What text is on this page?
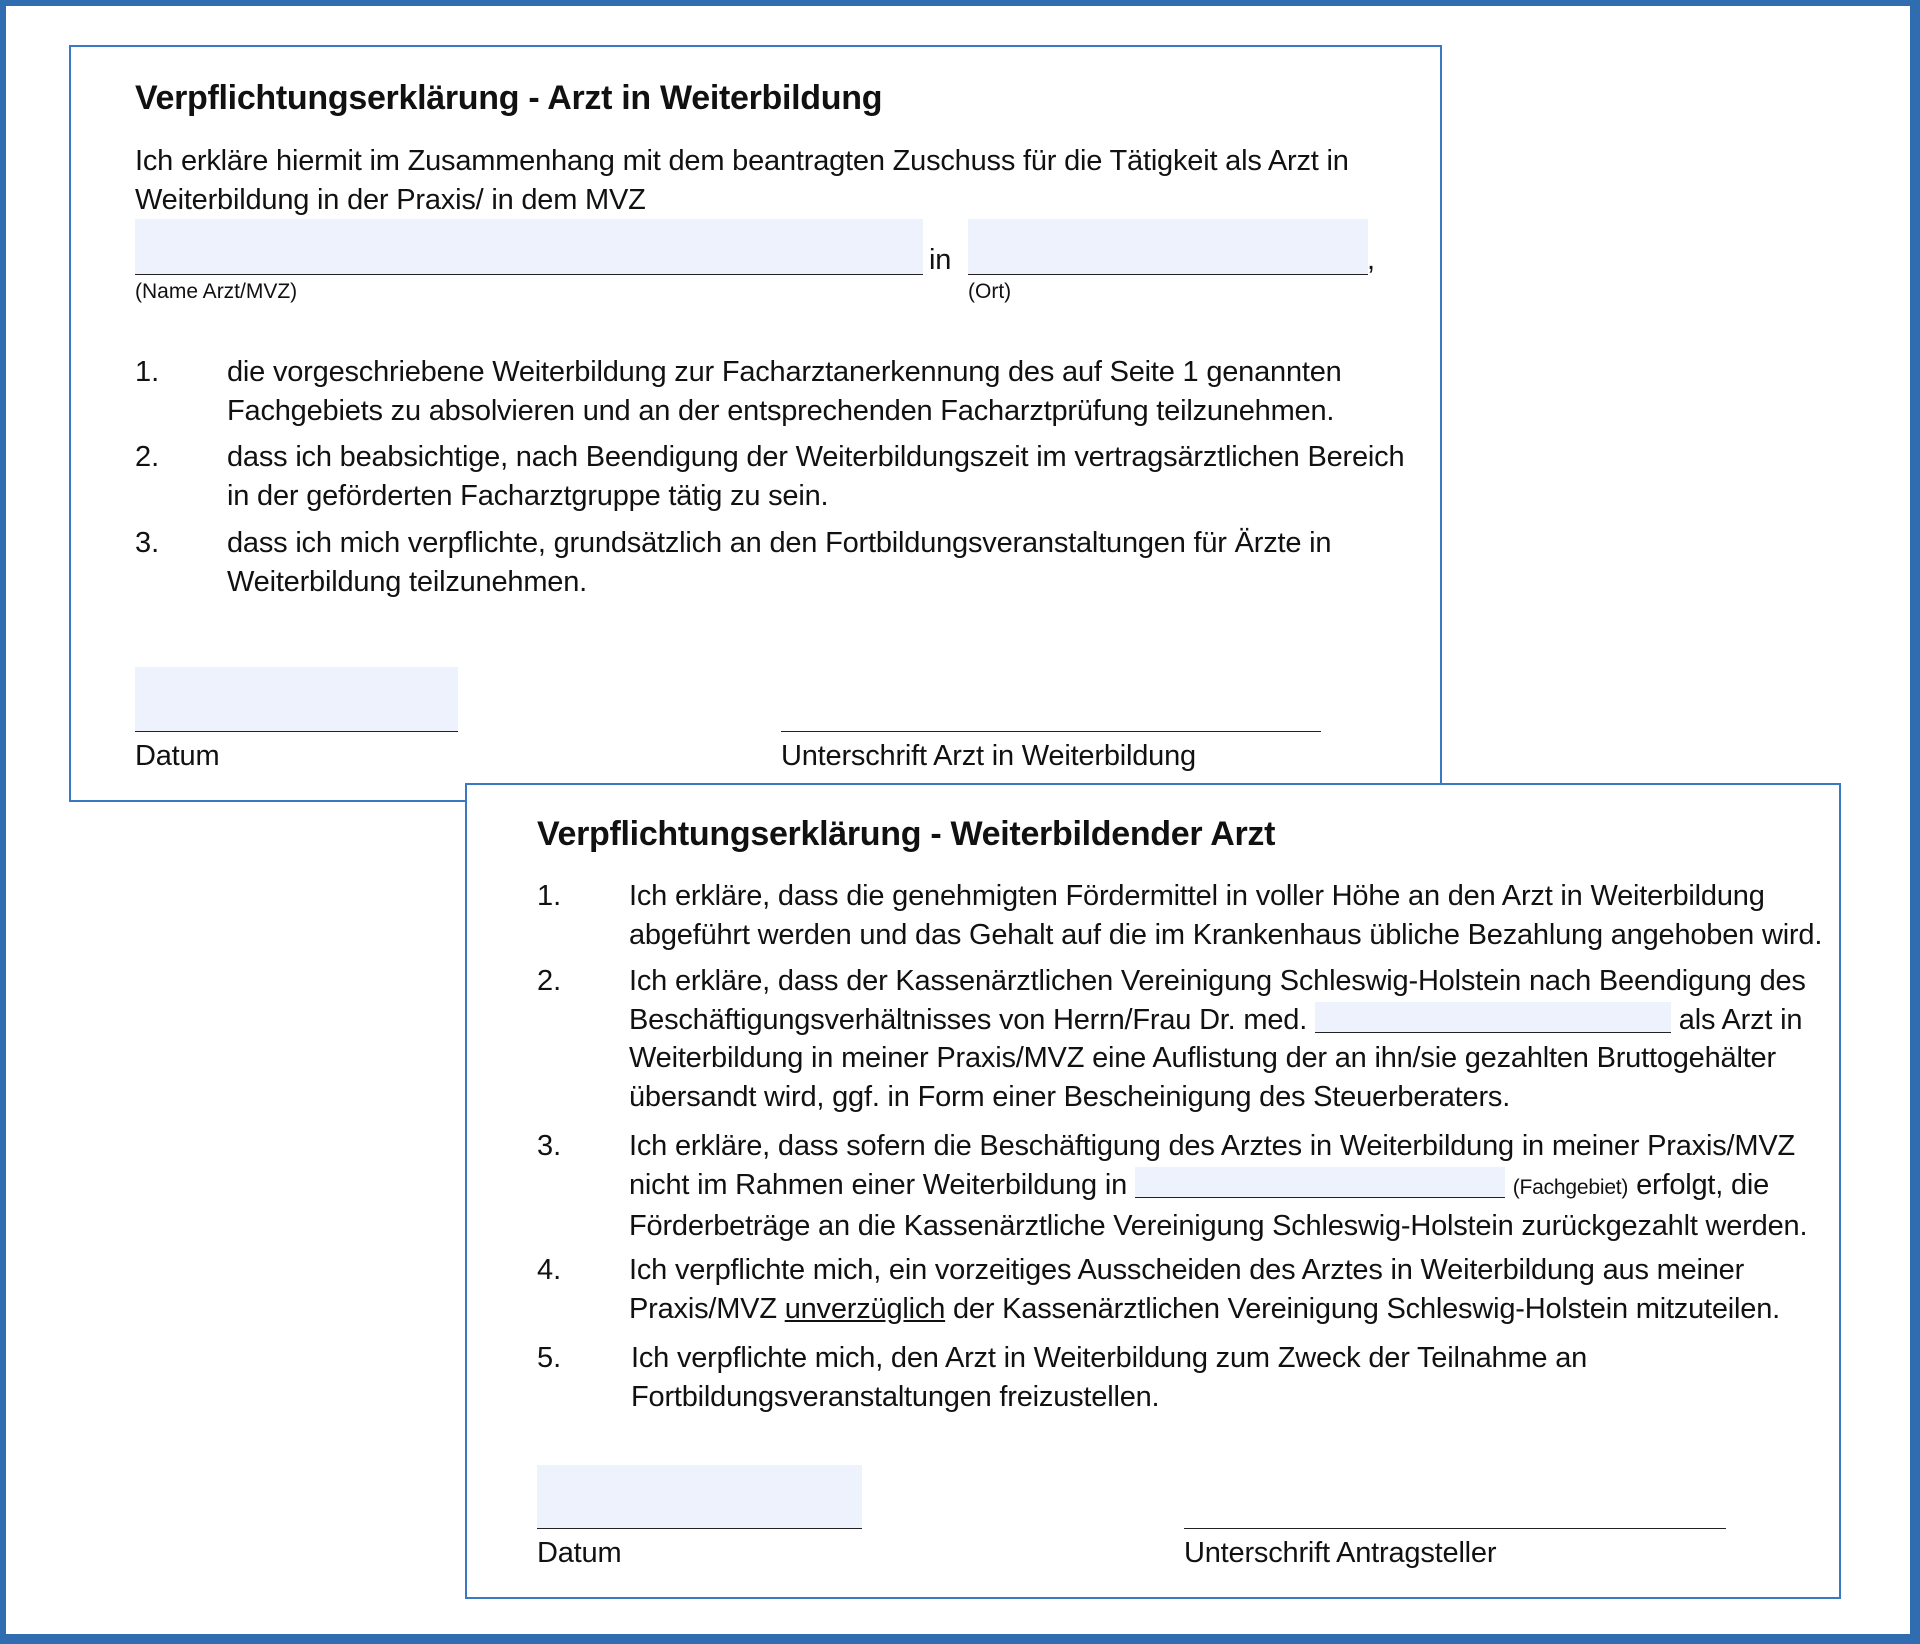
Verpflichtungserklärung - Arzt in Weiterbildung
Ich erkläre hiermit im Zusammenhang mit dem beantragten Zuschuss für die Tätigkeit als Arzt in
Weiterbildung in der Praxis/ in dem MVZ
in	,
(Name Arzt/MVZ)	(Ort)
1. die vorgeschriebene Weiterbildung zur Facharztanerkennung des auf Seite 1 genannten
Fachgebiets zu absolvieren und an der entsprechenden Facharztprüfung teilzunehmen.
2. dass ich beabsichtige, nach Beendigung der Weiterbildungszeit im vertragsärztlichen Bereich
in der geförderten Facharztgruppe tätig zu sein.
3. dass ich mich verpflichte, grundsätzlich an den Fortbildungsveranstaltungen für Ärzte in
Weiterbildung teilzunehmen.
Datum	Unterschrift Arzt in Weiterbildung
Verpflichtungserklärung - Weiterbildender Arzt
1. Ich erkläre, dass die genehmigten Fördermittel in voller Höhe an den Arzt in Weiterbildung
abgeführt werden und das Gehalt auf die im Krankenhaus übliche Bezahlung angehoben wird.
2. Ich erkläre, dass der Kassenärztlichen Vereinigung Schleswig-Holstein nach Beendigung des
Beschäftigungsverhältnisses von Herrn/Frau Dr. med.	als Arzt in
Weiterbildung in meiner Praxis/MVZ eine Auflistung der an ihn/sie gezahlten Bruttogehälter
übersandt wird, ggf. in Form einer Bescheinigung des Steuerberaters.
3. Ich erkläre, dass sofern die Beschäftigung des Arztes in Weiterbildung in meiner Praxis/MVZ
nicht im Rahmen einer Weiterbildung in	(Fachgebiet) erfolgt, die
Förderbeträge an die Kassenärztliche Vereinigung Schleswig-Holstein zurückgezahlt werden.
4. Ich verpflichte mich, ein vorzeitiges Ausscheiden des Arztes in Weiterbildung aus meiner
Praxis/MVZ unverzüglich der Kassenärztlichen Vereinigung Schleswig-Holstein mitzuteilen.
5. Ich verpflichte mich, den Arzt in Weiterbildung zum Zweck der Teilnahme an
Fortbildungsveranstaltungen freizustellen.
Datum	Unterschrift Antragsteller
